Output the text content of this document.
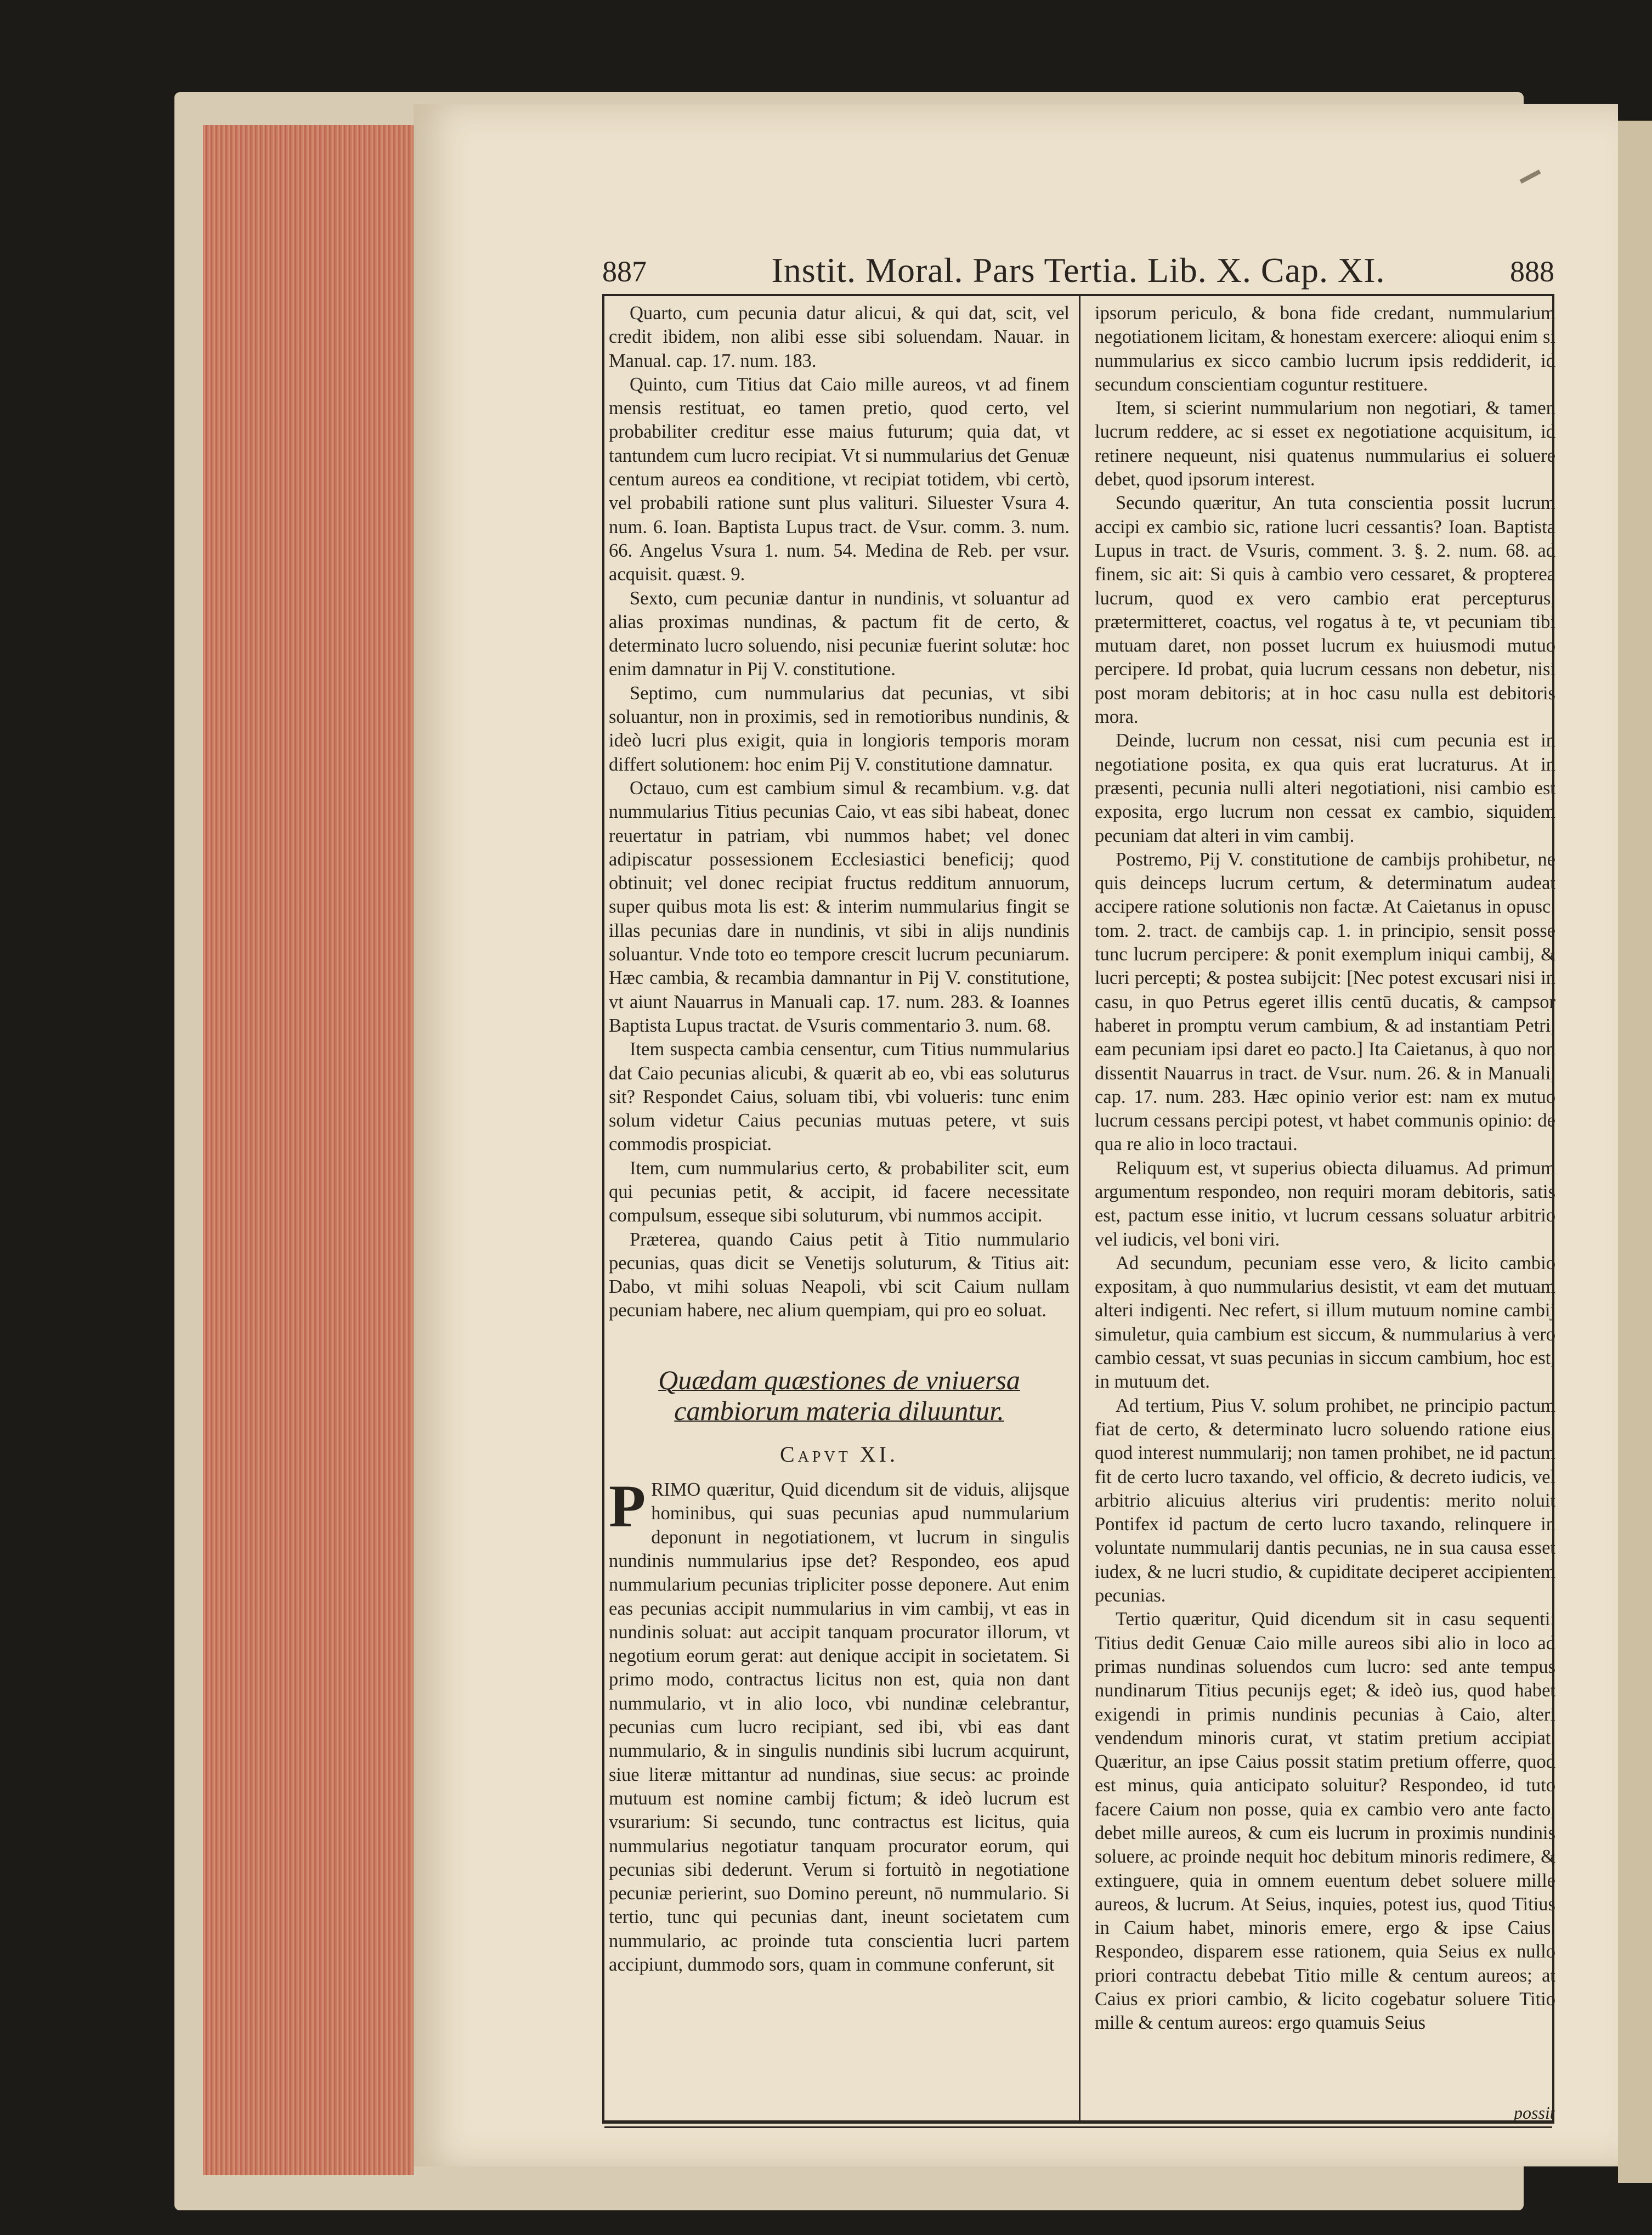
887	Instit. Moral. Pars Tertia. Lib. X. Cap. XI.	888

Quarto, cum pecunia datur alicui, & qui dat, scit, vel credit ibidem, non alibi esse sibi soluendam. Nauar. in Manual. cap. 17. num. 183.

Quinto, cum Titius dat Caio mille aureos, vt ad finem mensis restituat, eo tamen pretio, quod certo, vel probabiliter creditur esse maius futurum; quia dat, vt tantundem cum lucro recipiat. Vt si nummularius det Genuæ centum aureos ea conditione, vt recipiat totidem, vbi certò, vel probabili ratione sunt plus valituri. Siluester Vsura 4. num. 6. Ioan. Baptista Lupus tract. de Vsur. comm. 3. num. 66. Angelus Vsura 1. num. 54. Medina de Reb. per vsur. acquisit. quæst. 9.

Sexto, cum pecuniæ dantur in nundinis, vt soluantur ad alias proximas nundinas, & pactum fit de certo, & determinato lucro soluendo, nisi pecuniæ fuerint solutæ: hoc enim damnatur in Pij V. constitutione.

Septimo, cum nummularius dat pecunias, vt sibi soluantur, non in proximis, sed in remotioribus nundinis, & ideò lucri plus exigit, quia in longioris temporis moram differt solutionem: hoc enim Pij V. constitutione damnatur.

Octauo, cum est cambium simul & recambium. v.g. dat nummularius Titius pecunias Caio, vt eas sibi habeat, donec reuertatur in patriam, vbi nummos habet; vel donec adipiscatur possessionem Ecclesiastici beneficij; quod obtinuit; vel donec recipiat fructus redditum annuorum, super quibus mota lis est: & interim nummularius fingit se illas pecunias dare in nundinis, vt sibi in alijs nundinis soluantur. Vnde toto eo tempore crescit lucrum pecuniarum. Hæc cambia, & recambia damnantur in Pij V. constitutione, vt aiunt Nauarrus in Manuali cap. 17. num. 283. & Ioannes Baptista Lupus tractat. de Vsuris commentario 3. num. 68.

Item suspecta cambia censentur, cum Titius nummularius dat Caio pecunias alicubi, & quærit ab eo, vbi eas soluturus sit? Respondet Caius, soluam tibi, vbi volueris: tunc enim solum videtur Caius pecunias mutuas petere, vt suis commodis prospiciat.

Item, cum nummularius certo, & probabiliter scit, eum qui pecunias petit, & accipit, id facere necessitate compulsum, esseque sibi soluturum, vbi nummos accipit.

Præterea, quando Caius petit à Titio nummulario pecunias, quas dicit se Venetijs soluturum, & Titius ait: Dabo, vt mihi soluas Neapoli, vbi scit Caium nullam pecuniam habere, nec alium quempiam, qui pro eo soluat.

Quædam quæstiones de vniuersa cambiorum materia diluuntur.
Capvt XI.

PRIMO quæritur, Quid dicendum sit de viduis, alijsque hominibus, qui suas pecunias apud nummularium deponunt in negotiationem, vt lucrum in singulis nundinis nummularius ipse det? Respondeo, eos apud nummularium pecunias tripliciter posse deponere. Aut enim eas pecunias accipit nummularius in vim cambij, vt eas in nundinis soluat: aut accipit tanquam procurator illorum, vt negotium eorum gerat: aut denique accipit in societatem. Si primo modo, contractus licitus non est, quia non dant nummulario, vt in alio loco, vbi nundinæ celebrantur, pecunias cum lucro recipiant, sed ibi, vbi eas dant nummulario, & in singulis nundinis sibi lucrum acquirunt, siue literæ mittantur ad nundinas, siue secus: ac proinde mutuum est nomine cambij fictum; & ideò lucrum est vsurarium: Si secundo, tunc contractus est licitus, quia nummularius negotiatur tanquam procurator eorum, qui pecunias sibi dederunt. Verum si fortuitò in negotiatione pecuniæ perierint, suo Domino pereunt, nō nummulario. Si tertio, tunc qui pecunias dant, ineunt societatem cum nummulario, ac proinde tuta conscientia lucri partem accipiunt, dummodo sors, quam in commune conferunt, sit

ipsorum periculo, & bona fide credant, nummularium negotiationem licitam, & honestam exercere: alioqui enim si nummularius ex sicco cambio lucrum ipsis reddiderit, id secundum conscientiam coguntur restituere.

Item, si scierint nummularium non negotiari, & tamen lucrum reddere, ac si esset ex negotiatione acquisitum, id retinere nequeunt, nisi quatenus nummularius ei soluere debet, quod ipsorum interest.

Secundo quæritur, An tuta conscientia possit lucrum accipi ex cambio sic, ratione lucri cessantis? Ioan. Baptista Lupus in tract. de Vsuris, comment. 3. §. 2. num. 68. ad finem, sic ait: Si quis à cambio vero cessaret, & propterea lucrum, quod ex vero cambio erat percepturus, prætermitteret, coactus, vel rogatus à te, vt pecuniam tibi mutuam daret, non posset lucrum ex huiusmodi mutuo percipere. Id probat, quia lucrum cessans non debetur, nisi post moram debitoris; at in hoc casu nulla est debitoris mora.

Deinde, lucrum non cessat, nisi cum pecunia est in negotiatione posita, ex qua quis erat lucraturus. At in præsenti, pecunia nulli alteri negotiationi, nisi cambio est exposita, ergo lucrum non cessat ex cambio, siquidem pecuniam dat alteri in vim cambij.

Postremo, Pij V. constitutione de cambijs prohibetur, ne quis deinceps lucrum certum, & determinatum audeat accipere ratione solutionis non factæ. At Caietanus in opusc. tom. 2. tract. de cambijs cap. 1. in principio, sensit posse tunc lucrum percipere: & ponit exemplum iniqui cambij, & lucri percepti; & postea subijcit: [Nec potest excusari nisi in casu, in quo Petrus egeret illis centū ducatis, & campsor haberet in promptu verum cambium, & ad instantiam Petri, eam pecuniam ipsi daret eo pacto.] Ita Caietanus, à quo non dissentit Nauarrus in tract. de Vsur. num. 26. & in Manuali, cap. 17. num. 283. Hæc opinio verior est: nam ex mutuo lucrum cessans percipi potest, vt habet communis opinio: de qua re alio in loco tractaui.

Reliquum est, vt superius obiecta diluamus. Ad primum argumentum respondeo, non requiri moram debitoris, satis est, pactum esse initio, vt lucrum cessans soluatur arbitrio vel iudicis, vel boni viri.

Ad secundum, pecuniam esse vero, & licito cambio expositam, à quo nummularius desistit, vt eam det mutuam alteri indigenti. Nec refert, si illum mutuum nomine cambij simuletur, quia cambium est siccum, & nummularius à vero cambio cessat, vt suas pecunias in siccum cambium, hoc est, in mutuum det.

Ad tertium, Pius V. solum prohibet, ne principio pactum fiat de certo, & determinato lucro soluendo ratione eius, quod interest nummularij; non tamen prohibet, ne id pactum fit de certo lucro taxando, vel officio, & decreto iudicis, vel arbitrio alicuius alterius viri prudentis: merito noluit Pontifex id pactum de certo lucro taxando, relinquere in voluntate nummularij dantis pecunias, ne in sua causa esset iudex, & ne lucri studio, & cupiditate deciperet accipientem pecunias.

Tertio quæritur, Quid dicendum sit in casu sequenti: Titius dedit Genuæ Caio mille aureos sibi alio in loco ad primas nundinas soluendos cum lucro: sed ante tempus nundinarum Titius pecunijs eget; & ideò ius, quod habet exigendi in primis nundinis pecunias à Caio, alteri vendendum minoris curat, vt statim pretium accipiat. Quæritur, an ipse Caius possit statim pretium offerre, quod est minus, quia anticipato soluitur? Respondeo, id tuto facere Caium non posse, quia ex cambio vero ante facto, debet mille aureos, & cum eis lucrum in proximis nundinis soluere, ac proinde nequit hoc debitum minoris redimere, & extinguere, quia in omnem euentum debet soluere mille aureos, & lucrum. At Seius, inquies, potest ius, quod Titius in Caium habet, minoris emere, ergo & ipse Caius. Respondeo, disparem esse rationem, quia Seius ex nullo priori contractu debebat Titio mille & centum aureos; at Caius ex priori cambio, & licito cogebatur soluere Titio mille & centum aureos: ergo quamuis Seius

possit
